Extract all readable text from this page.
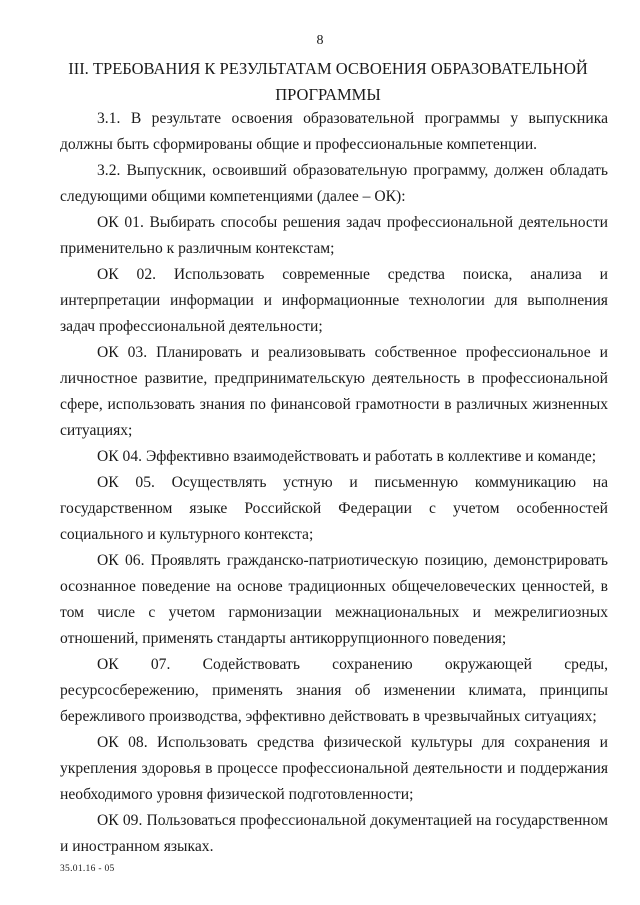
8
III. ТРЕБОВАНИЯ К РЕЗУЛЬТАТАМ ОСВОЕНИЯ ОБРАЗОВАТЕЛЬНОЙ ПРОГРАММЫ

3.1. В результате освоения образовательной программы у выпускника должны быть сформированы общие и профессиональные компетенции.

3.2. Выпускник, освоивший образовательную программу, должен обладать следующими общими компетенциями (далее – ОК):

ОК 01. Выбирать способы решения задач профессиональной деятельности применительно к различным контекстам;

ОК 02. Использовать современные средства поиска, анализа и интерпретации информации и информационные технологии для выполнения задач профессиональной деятельности;

ОК 03. Планировать и реализовывать собственное профессиональное и личностное развитие, предпринимательскую деятельность в профессиональной сфере, использовать знания по финансовой грамотности в различных жизненных ситуациях;

ОК 04. Эффективно взаимодействовать и работать в коллективе и команде;

ОК 05. Осуществлять устную и письменную коммуникацию на государственном языке Российской Федерации с учетом особенностей социального и культурного контекста;

ОК 06. Проявлять гражданско-патриотическую позицию, демонстрировать осознанное поведение на основе традиционных общечеловеческих ценностей, в том числе с учетом гармонизации межнациональных и межрелигиозных отношений, применять стандарты антикоррупционного поведения;

ОК 07. Содействовать сохранению окружающей среды, ресурсосбережению, применять знания об изменении климата, принципы бережливого производства, эффективно действовать в чрезвычайных ситуациях;

ОК 08. Использовать средства физической культуры для сохранения и укрепления здоровья в процессе профессиональной деятельности и поддержания необходимого уровня физической подготовленности;

ОК 09. Пользоваться профессиональной документацией на государственном и иностранном языках.

35.01.16 - 05
